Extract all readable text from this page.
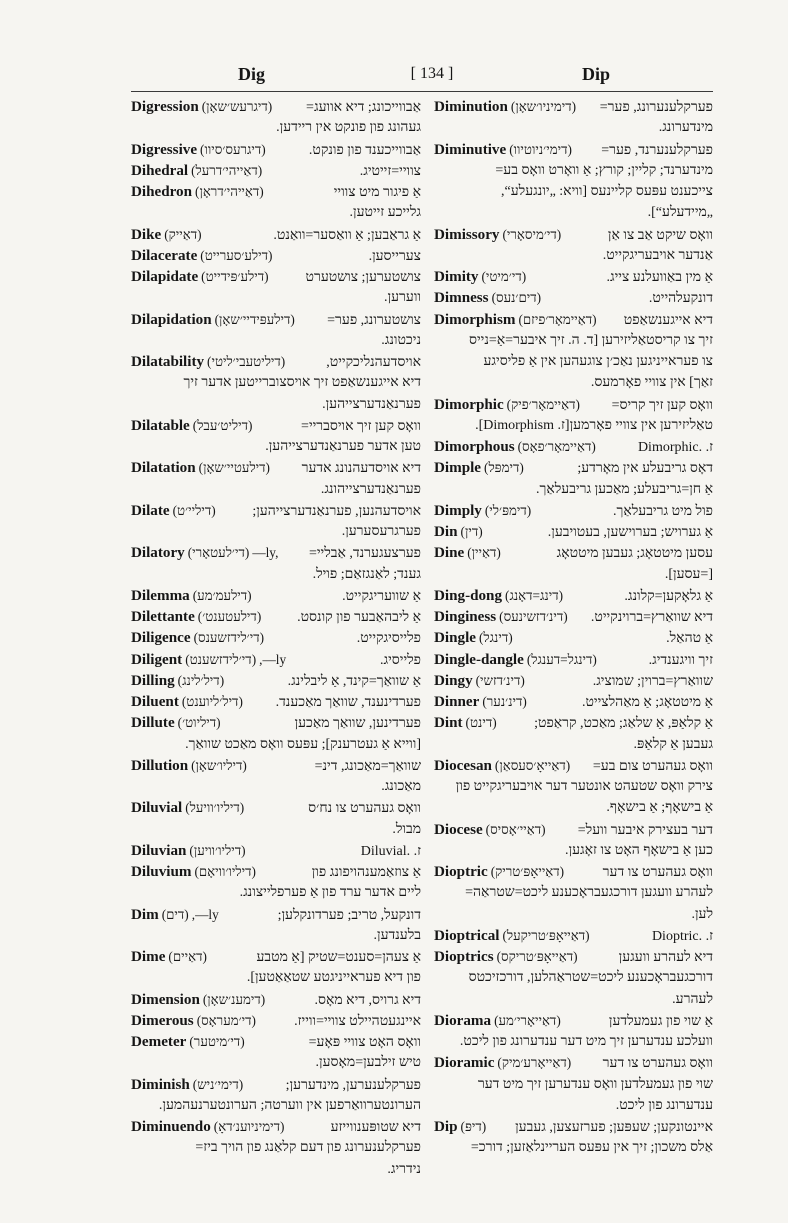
Dig	[ 134 ]	Dip
Digression (דיגרעש׳שאָן)	אַבווייכונג; דיא אוועג=
געהונג פון פונקט אין ריידען.
Digressive (דיגרעס׳סיוו)	אַבווייכענד פון פונקט.
Dihedral (דאַייהי׳דרעל)	צוויי=זייטיג.
Dihedron (דאַייהי׳דראָן)	אַ פיגור מיט צוויי
גלייכע זייטען.
Dike (דאַייק)	אַ גראַבען; אַ וואַסער=וואַנט.
Dilacerate (דילע׳סערייט)	צערייסען.
Dilapidate (דילע׳פּידייט)	צושטערען; צושטערט
ווערען.
Dilapidation (דילעפּידיי׳שאָן)	צושטערונג, פער=
ניכטונג.
Dilatability (דיליטעבי׳ליטי)	אויסדעהנליכקייט,
דיא אייגענשאַפט זיך אויסצוברייטען אדער זיך
פערנאַנדערצייהען.
Dilatable (דיליט׳עבל)	וואָס קען זיך אויסבריי=
טען אדער פערנאַנדערצייהען.
Dilatation (דילעטיי׳שאָן)	דיא אויסדעהנונג אדער
פערנאַנדערצייהונג.
Dilate (דיליי׳ט)	אויסדעהנען, פערנאַנדערצייהען;
פערגרעסערען.
Dilatory (די׳לעטאָרי) —ly,	פערצעגערנד, אַבליי=
גענד; לאַנגזאַם; פויל.
Dilemma (דילעמ׳מע)	אַ שוועריגקייט.
Dilettante (דילעטענט׳)	אַ ליבהאַבער פון קונסט.
Diligence (די׳לידזשענס)	פלייסיגקייט.
Diligent (די׳לידזשענט) ,—ly	פלייסיג.
Dilling (דיל׳לינג)	אַ שוואַך=קינד, אַ ליבלינג.
Diluent (דיל׳ליוענט)	פערדינענד, שוואַך מאַכענד.
Dillute (דיליוט׳)	פערדינען, שוואַך מאַכען
[ווייא אַ געטרענק]; עפּעס וואָס מאַכט שוואַך.
Dillution (דיליו׳שאָן)	שוואַך=מאַכונג, דינ=
מאַכונג.
Diluvial (דיליו׳וויעל)	וואָס געהערט צו נח׳ס
מבול.
Diluvian (דיליו׳וויען)	ז. Diluvial.‎
Diluvium (דיליו׳וויאָם)	אַ צוזאַמענהויפונג פון
ליים אדער ערד פון אַ פערפלייצונג.
Dim (דים) ,—ly	דונקעל, טריב; פערדונקלען;
בלענדען.
Dime (דאַיים)	אַ צעהן=סענט=שטיק [אַ מטבע
פון דיא פעראייניגטע שטאַאַטען].
Dimension (דימענ׳שאָן)	דיא גרויס, דיא מאָס.
Dimerous (די׳מעראָס)	איינגעטהיילט צוויי=ווייז.
Demeter (די׳מיטער)	וואָס האָט צוויי פּאָע=
טיש זילבען=מאָסען.
Diminish (דימי׳ניש)	פערקלענערען, מינדערען;
הערונטערוואַרפען אין ווערטה; הערונטערנעהמען.
Diminuendo (דימיניוענ׳דאָ)	דיא שטופּענווייזע
פערקלענערונג פון דעם קלאַנג פון הויך ביז=
נידריג.
Diminution (דימיניו׳שאָן)	פערקלענערונג, פער=
מינדערונג.
Diminutive (דימי׳ניוטיוו)	פערקלענערנד, פער=
מינדערנד; קליין; קורץ; אַ וואָרט וואָס בע=
צייכענט עפּעס קליינעס [וויא: „יונגעלע“,
„מיידעלע“].
Dimissory (די׳מיסאָרי)	וואָס שיקט אַב צו אַן
אַנדער אויבעריגקייט.
Dimity (די׳מיטי)	אַ מין באַוועלנע צייג.
Dimness (דים׳נעס)	דונקעלהייט.
Dimorphism (דאַיימאָר׳פיזם)	דיא אייגענשאַפט
זיך צו קריסטאַליזירען [ד. ה. זיך איבער=אַ=נייס
צו פעראייניגען נאַכ׳ן צוגעהען אין אַ פליסיגע
זאַך] אין צוויי פאָרמעס.
Dimorphic (דאַיימאָר׳פיק)	וואָס קען זיך קריס=
טאַליזירען אין צוויי פאָרמען[ז. Dimorphism].
Dimorphous (דאַיימאָר׳פאָס)	ז. Dimorphic.‎
Dimple (דימפּל)	דאָס גריבעלע אין מאָרדע;
אַ חן=גריבעלע; מאַכען גריבעלאַך.
Dimply (דימפּ׳לי)	פול מיט גריבעלאַך.
Din (דין)	אַ גערויש; בערוישען, בעטויבען.
Dine (דאַיין)	עסען מיטטאָג; געבען מיטטאָג
[=עסען].
Ding-dong (דינג=דאָנג)	אַ גלאָקען=קלונג.
Dinginess (דינ׳דזשינעס)	דיא שוואַרץ=ברוינקייט.
Dingle (דינגל)	אַ טהאַל.
Dingle-dangle (דינגל=דענגל)	זיך וויגענדיג.
Dingy (דינ׳דזשי)	שוואַרץ=ברוין; שמוציג.
Dinner (דינ׳נער)	אַ מיטטאָג; אַ מאַהלצייט.
Dint (דינט)	אַ קלאַפּ, אַ שלאַג; מאַכט, קראַפט;
געבען אַ קלאַפּ.
Diocesan (דאַייאָ׳סעסאַן)	וואָס געהערט צום בע=
צירק וואָס שטעהט אונטער דער אויבעריגקייט פון
אַ בישאָף; אַ בישאָף.
Diocese (דאַיי׳אָסיס)	דער בעצירק איבער וועל=
כען אַ בישאָף האָט צו זאָגען.
Dioptric (דאַייאָפּ׳טריק)	וואָס געהערט צו דער
לעהרע וועגען דורכגעבראָכענע ליכט=שטראַה=
לען.
Dioptrical (דאַייאָפּ׳טריקעל)	ז. Dioptric.‎
Dioptrics (דאַייאָפּ׳טריקס)	דיא לעהרע וועגען
דורכגעבראָכענע ליכט=שטראַהלען, דורכזיכטס
לעהרע.
Diorama (דאַייאָרי׳מע)	אַ שוי פון געמעלדען
וועלכע ענדערען זיך מיט דער ענדערונג פון ליכט.
Dioramic (דאַייאָרע׳מיק)	וואָס געהערט צו דער
שוי פון געמעלדען וואָס ענדערען זיך מיט דער
ענדערונג פון ליכט.
Dip (דיפּ)	איינטונקען; שעפּען; פערזעצען, געבען
אַלס משכון; זיך אין עפּעס העריינלאַזען; דורכ=
